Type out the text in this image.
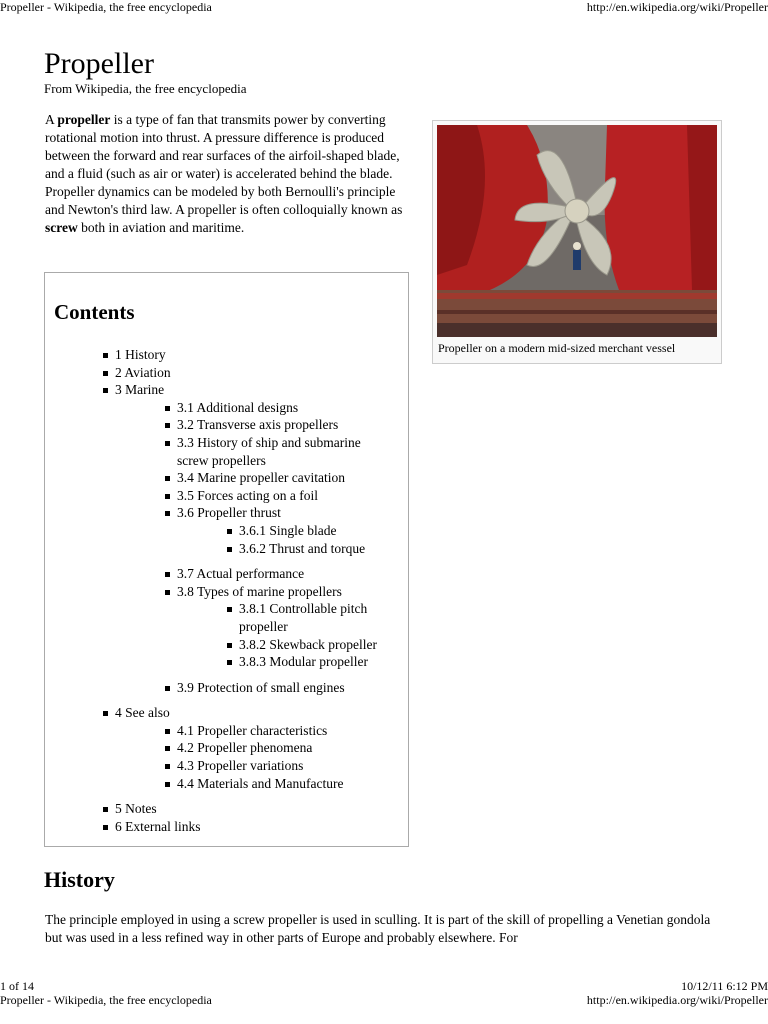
Propeller - Wikipedia, the free encyclopedia	http://en.wikipedia.org/wiki/Propeller
Propeller
From Wikipedia, the free encyclopedia

A propeller is a type of fan that transmits power by converting rotational motion into thrust. A pressure difference is produced between the forward and rear surfaces of the airfoil-shaped blade, and a fluid (such as air or water) is accelerated behind the blade. Propeller dynamics can be modeled by both Bernoulli's principle and Newton's third law. A propeller is often colloquially known as screw both in aviation and maritime.

Propeller on a modern mid-sized merchant vessel
Contents
1 History
2 Aviation
3 Marine
3.1 Additional designs
3.2 Transverse axis propellers
3.3 History of ship and submarine screw propellers
3.4 Marine propeller cavitation
3.5 Forces acting on a foil
3.6 Propeller thrust
3.6.1 Single blade
3.6.2 Thrust and torque
3.7 Actual performance
3.8 Types of marine propellers
3.8.1 Controllable pitch propeller
3.8.2 Skewback propeller
3.8.3 Modular propeller
3.9 Protection of small engines
4 See also
4.1 Propeller characteristics
4.2 Propeller phenomena
4.3 Propeller variations
4.4 Materials and Manufacture
5 Notes
6 External links
History

The principle employed in using a screw propeller is used in sculling. It is part of the skill of propelling a Venetian gondola but was used in a less refined way in other parts of Europe and probably elsewhere. For

1 of 14	10/12/11 6:12 PM
Propeller - Wikipedia, the free encyclopedia	http://en.wikipedia.org/wiki/Propeller
